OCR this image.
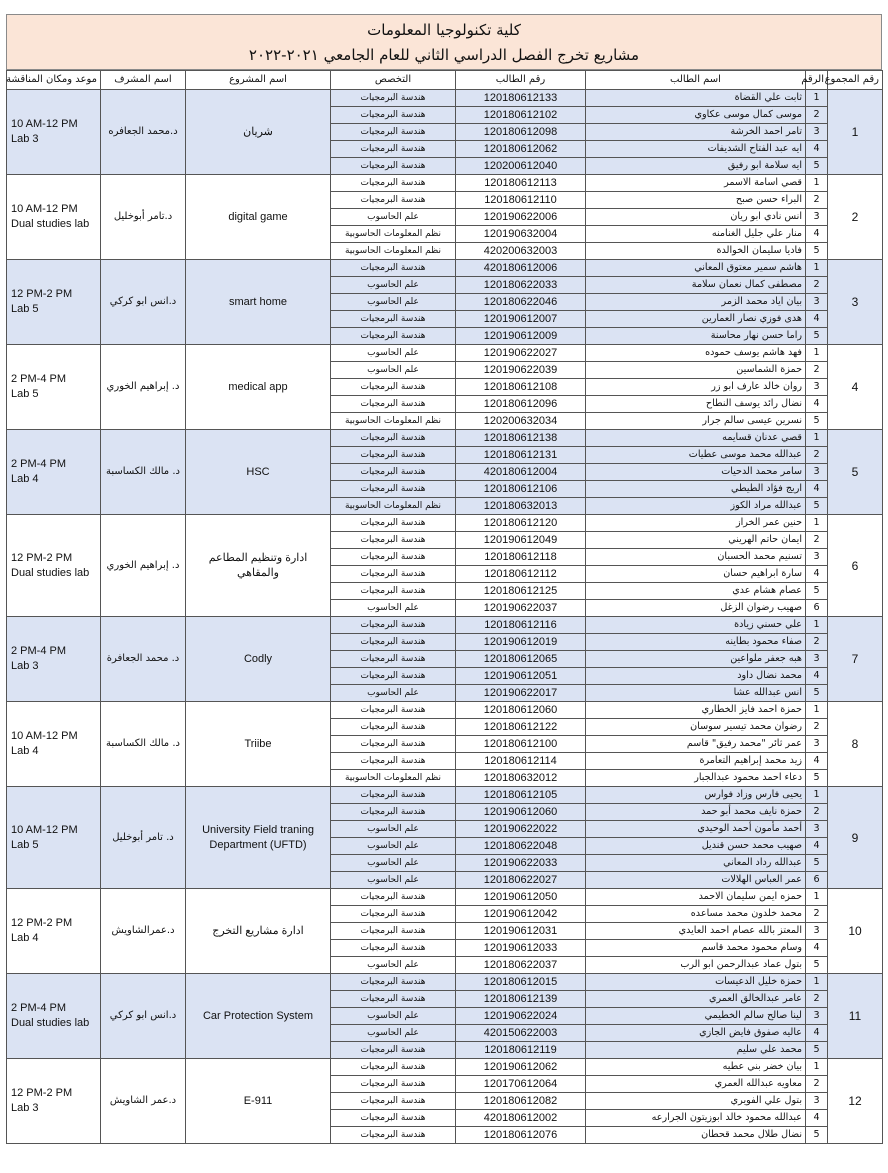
كلية تكنولوجيا المعلومات
مشاريع تخرج الفصل الدراسي الثاني للعام الجامعي ٢٠٢١-٢٠٢٢
رقم المجموع	الرقم	اسم الطالب	رقم الطالب	التخصص	اسم المشروع	اسم المشرف	موعد ومكان المناقشة
1	1	ثابت علي القضاة	120180612133	هندسة البرمجيات	شريان	د.محمد الجعافره	10 AM-12 PM
Lab 3

	2	موسى كمال موسى عكاوي	120180612102	هندسة البرمجيات			
	3	تامر احمد الخرشة	120180612098	هندسة البرمجيات			
	4	ايه عبد الفتاح الشديفات	120180612062	هندسة البرمجيات			
	5	ايه سلامة ابو رفيق	120200612040	هندسة البرمجيات			
2	1	قصي اسامة الاسمر	120180612113	هندسة البرمجيات	digital game	د.تامر أبوخليل	10 AM-12 PM
Dual studies lab

	2	البراء حسن صبح	120180612110	هندسة البرمجيات			
	3	انس نادي ابو ريان	120190622006	علم الحاسوب			
	4	منار علي جليل الغنامنه	120190632004	نظم المعلومات الحاسوبية			
	5	فاديا سليمان الخوالدة	420200632003	نظم المعلومات الحاسوبية			
3	1	هاشم سمير معتوق المعاني	420180612006	هندسة البرمجيات	smart home	د.انس ابو كركي	12 PM-2 PM
Lab 5

	2	مصطفى كمال نعمان سلامة	120180622033	علم الحاسوب			
	3	بيان اياد محمد الزمر	120180622046	علم الحاسوب			
	4	هدى فوزي نصار العمارين	120190612007	هندسة البرمجيات			
	5	راما حسن نهار محاسنة	120190612009	هندسة البرمجيات			
4	1	فهد هاشم يوسف حموده	120190622027	علم الحاسوب	medical app	د. إبراهيم الخوري	2 PM-4 PM
Lab 5

	2	حمزة الشماسين	120190622039	علم الحاسوب			
	3	روان خالد عارف ابو زر	120180612108	هندسة البرمجيات			
	4	نضال رائد يوسف النطاح	120180612096	هندسة البرمجيات			
	5	نسرين عيسى سالم جرار	120200632034	نظم المعلومات الحاسوبية			
5	1	قصي عدنان قسايمه	120180612138	هندسة البرمجيات	HSC	د. مالك الكساسبة	2 PM-4 PM
Lab 4

	2	عبدالله محمد موسى عطيات	120180612131	هندسة البرمجيات			
	3	سامر محمد الدحيات	420180612004	هندسة البرمجيات			
	4	اريج فؤاد الطيطي	120180612106	هندسة البرمجيات			
	5	عبدالله مراد الكوز	120180632013	نظم المعلومات الحاسوبية			
6	1	حنين عمر الخراز	120180612120	هندسة البرمجيات	ادارة وتنظيم المطاعم والمقاهي	د. إبراهيم الخوري	12 PM-2 PM
Dual studies lab

	2	ايمان حاتم الهريني	120190612049	هندسة البرمجيات			
	3	تسنيم محمد الحسبان	120180612118	هندسة البرمجيات			
	4	سارة ابراهيم حسان	120180612112	هندسة البرمجيات			
	5	عصام هشام عدي	120180612125	هندسة البرمجيات			
	6	صهيب رضوان الزغل	120190622037	علم الحاسوب			
7	1	علي حسني زيادة	120180612116	هندسة البرمجيات	Codly	د. محمد الجعافرة	2 PM-4 PM
Lab 3

	2	صفاء محمود بطاينه	120190612019	هندسة البرمجيات			
	3	هبه جعفر ملواعين	120180612065	هندسة البرمجيات			
	4	محمد نضال داود	120190612051	هندسة البرمجيات			
	5	انس عبدالله عشا	120190622017	علم الحاسوب			
8	1	حمزة احمد فايز الخطاري	120180612060	هندسة البرمجيات	Triibe	د. مالك الكساسبة	10 AM-12 PM
Lab 4

	2	رضوان محمد تيسير سوسان	120180612122	هندسة البرمجيات			
	3	عمر ثائر "محمد رفيق" قاسم	120180612100	هندسة البرمجيات			
	4	زيد محمد إبراهيم التعامرة	120180612114	هندسة البرمجيات			
	5	دعاء احمد محمود عبدالجبار	120180632012	نظم المعلومات الحاسوبية			
9	1	يحيى فارس وزاد فوارس	120180612105	هندسة البرمجيات	University Field traning Department (UFTD)	د. تامر أبوخليل	10 AM-12 PM
Lab 5

	2	حمزة نايف محمد أبو حمد	120190612060	هندسة البرمجيات			
	3	أحمد مأمون أحمد الوحيدي	120190622022	علم الحاسوب			
	4	صهيب محمد حسن قنديل	120180622048	علم الحاسوب			
	5	عبدالله رداد المعاني	120190622033	علم الحاسوب			
	6	عمر العباس الهلالات	120180622027	علم الحاسوب			
10	1	حمزه ايمن سليمان الاحمد	120190612050	هندسة البرمجيات	ادارة مشاريع التخرج	د.عمرالشاويش	12 PM-2 PM
Lab 4

	2	محمد خلدون محمد مساعده	120190612042	هندسة البرمجيات			
	3	المعتز بالله عصام احمد العايدي	120190612031	هندسة البرمجيات			
	4	وسام محمود محمد قاسم	120190612033	هندسة البرمجيات			
	5	بتول عماد عبدالرحمن ابو الرب	120180622037	علم الحاسوب			
11	1	حمزة خليل الدعيسات	120180612015	هندسة البرمجيات	Car Protection System	د.انس ابو كركي	2 PM-4 PM
Dual studies lab

	2	عامر عبدالخالق العمري	120180612139	هندسة البرمجيات			
	3	لينا صالح سالم الخطيمي	120190622024	علم الحاسوب			
	4	عاليه صفوق فايض الجازي	420150622003	علم الحاسوب			
	5	محمد علي سليم	120180612119	هندسة البرمجيات			
12	1	بيان خضر بني عطيه	120190612062	هندسة البرمجيات	E-911	د.عمر الشاويش	12 PM-2 PM
Lab 3

	2	معاويه عبدالله العمري	120170612064	هندسة البرمجيات			
	3	بتول علي الفويري	120180612082	هندسة البرمجيات			
	4	عبدالله محمود خالد ابوزيتون الجرارعه	420180612002	هندسة البرمجيات			
	5	نضال طلال محمد قحطان	120180612076	هندسة البرمجيات			
